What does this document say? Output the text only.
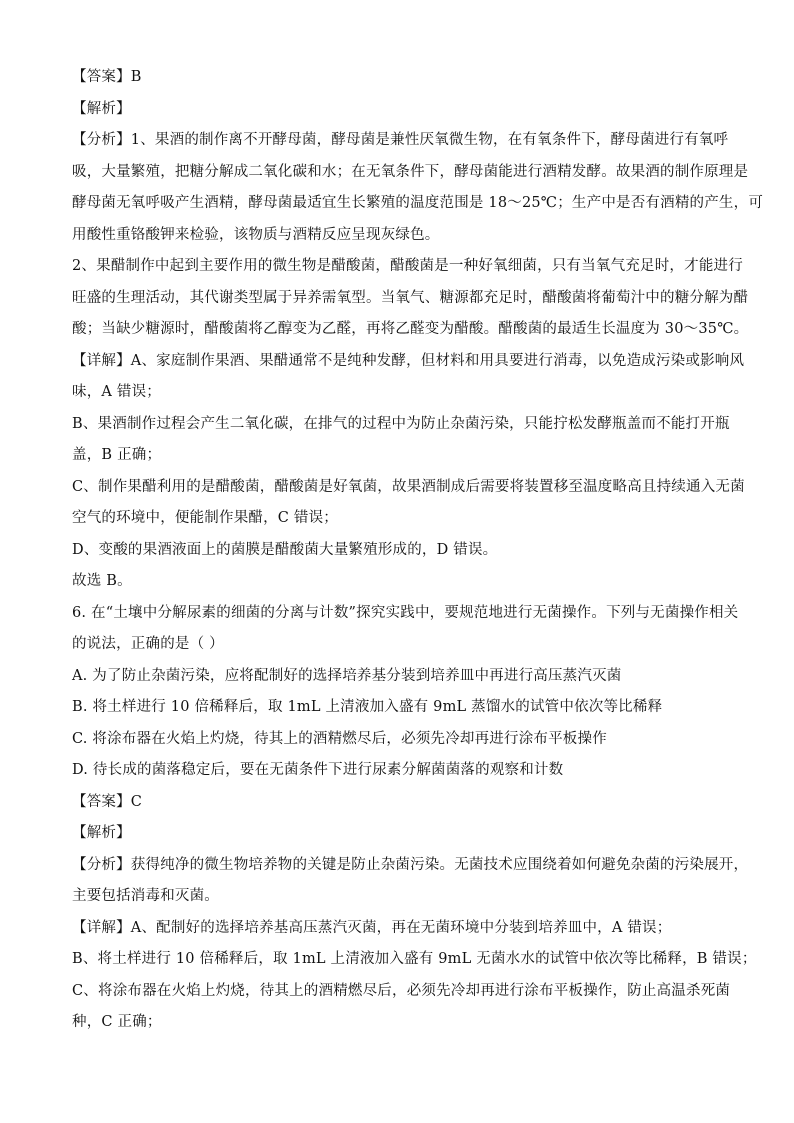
【答案】B
【解析】
【分析】1、果酒的制作离不开酵母菌，酵母菌是兼性厌氧微生物，在有氧条件下，酵母菌进行有氧呼
吸，大量繁殖，把糖分解成二氧化碳和水；在无氧条件下，酵母菌能进行酒精发酵。故果酒的制作原理是
酵母菌无氧呼吸产生酒精，酵母菌最适宜生长繁殖的温度范围是 18～25℃；生产中是否有酒精的产生，可
用酸性重铬酸钾来检验，该物质与酒精反应呈现灰绿色。
2、果醋制作中起到主要作用的微生物是醋酸菌，醋酸菌是一种好氧细菌，只有当氧气充足时，才能进行
旺盛的生理活动，其代谢类型属于异养需氧型。当氧气、糖源都充足时，醋酸菌将葡萄汁中的糖分解为醋
酸；当缺少糖源时，醋酸菌将乙醇变为乙醛，再将乙醛变为醋酸。醋酸菌的最适生长温度为 30～35℃。
【详解】A、家庭制作果酒、果醋通常不是纯种发酵，但材料和用具要进行消毒，以免造成污染或影响风
味，A 错误；
B、果酒制作过程会产生二氧化碳，在排气的过程中为防止杂菌污染，只能拧松发酵瓶盖而不能打开瓶
盖，B 正确；
C、制作果醋利用的是醋酸菌，醋酸菌是好氧菌，故果酒制成后需要将装置移至温度略高且持续通入无菌
空气的环境中，便能制作果醋，C 错误；
D、变酸的果酒液面上的菌膜是醋酸菌大量繁殖形成的，D 错误。
故选 B。
6. 在“土壤中分解尿素的细菌的分离与计数”探究实践中，要规范地进行无菌操作。下列与无菌操作相关
的说法，正确的是（ ）
A. 为了防止杂菌污染，应将配制好的选择培养基分装到培养皿中再进行高压蒸汽灭菌
B. 将土样进行 10 倍稀释后，取 1mL 上清液加入盛有 9mL 蒸馏水的试管中依次等比稀释
C. 将涂布器在火焰上灼烧，待其上的酒精燃尽后，必须先冷却再进行涂布平板操作
D. 待长成的菌落稳定后，要在无菌条件下进行尿素分解菌菌落的观察和计数
【答案】C
【解析】
【分析】获得纯净的微生物培养物的关键是防止杂菌污染。无菌技术应围绕着如何避免杂菌的污染展开，
主要包括消毒和灭菌。
【详解】A、配制好的选择培养基高压蒸汽灭菌，再在无菌环境中分装到培养皿中，A 错误；
B、将土样进行 10 倍稀释后，取 1mL 上清液加入盛有 9mL 无菌水水的试管中依次等比稀释，B 错误；
C、将涂布器在火焰上灼烧，待其上的酒精燃尽后，必须先冷却再进行涂布平板操作，防止高温杀死菌
种，C 正确；
